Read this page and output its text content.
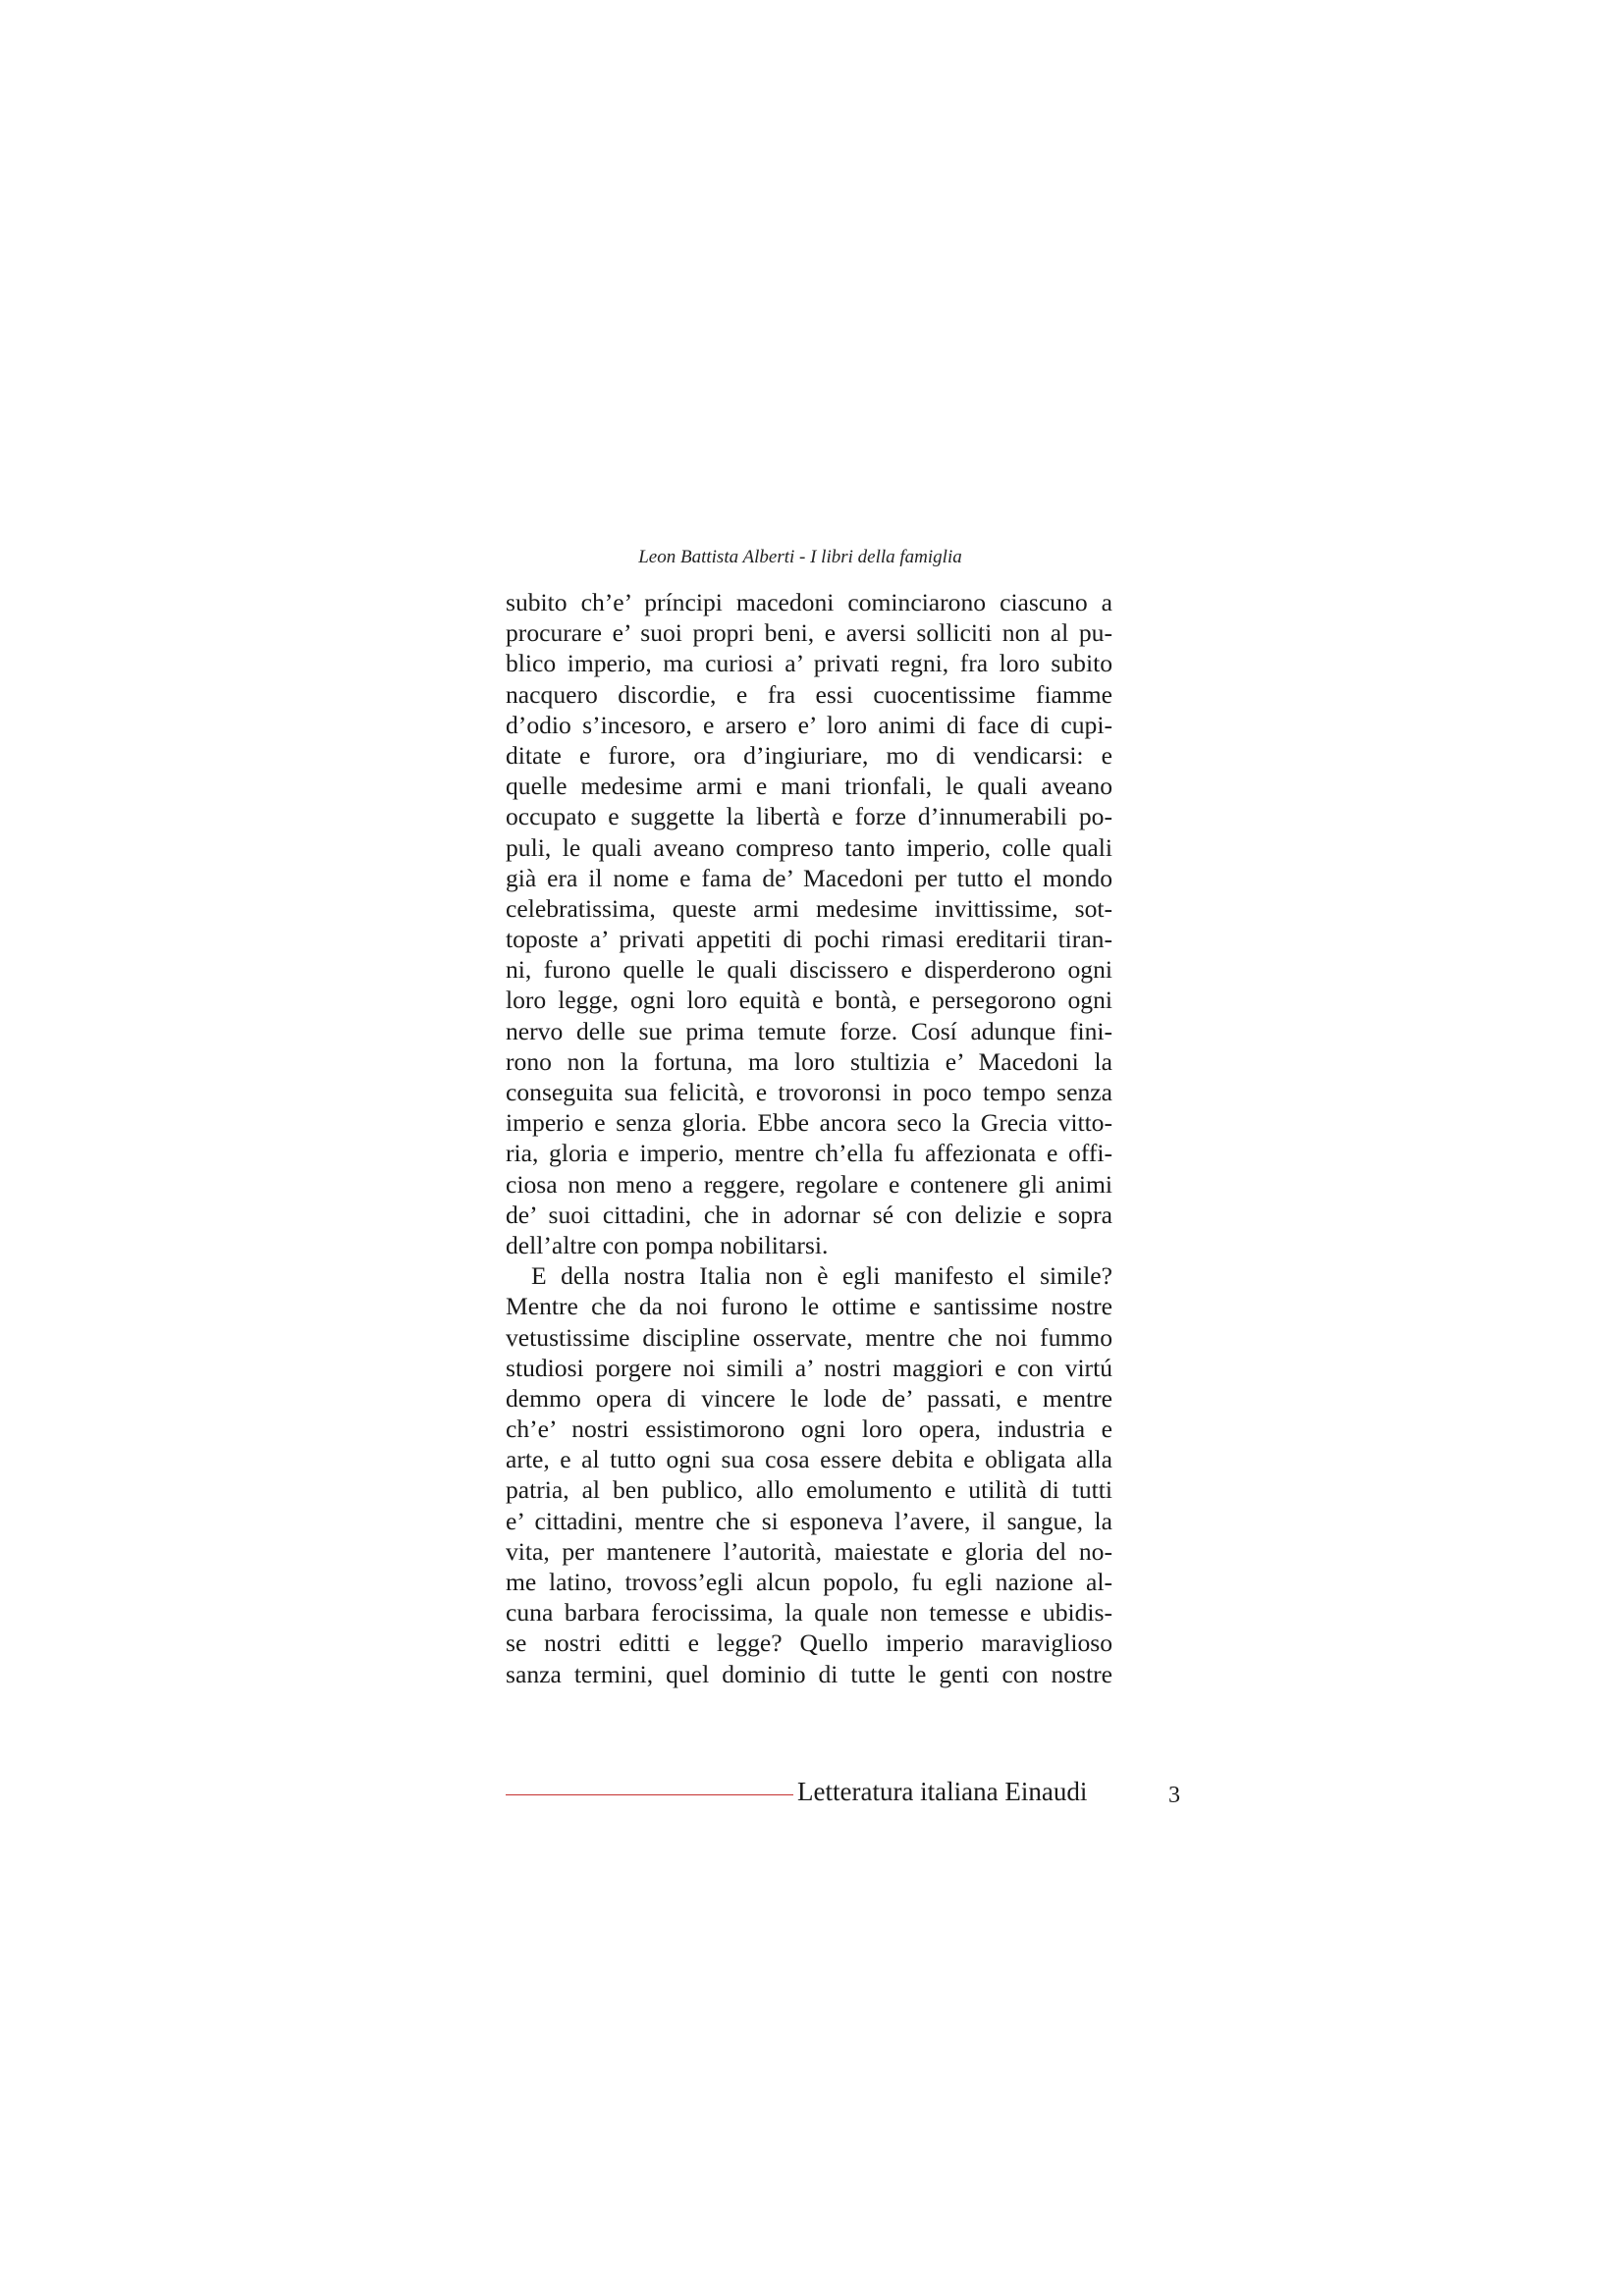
Leon Battista Alberti - I libri della famiglia
subito ch’e’ príncipi macedoni cominciarono ciascuno a
procurare e’ suoi propri beni, e aversi solliciti non al pu-
blico imperio, ma curiosi a’ privati regni, fra loro subito
nacquero discordie, e fra essi cuocentissime fiamme
d’odio s’incesoro, e arsero e’ loro animi di face di cupi-
ditate e furore, ora d’ingiuriare, mo di vendicarsi: e
quelle medesime armi e mani trionfali, le quali aveano
occupato e suggette la libertà e forze d’innumerabili po-
puli, le quali aveano compreso tanto imperio, colle quali
già era il nome e fama de’ Macedoni per tutto el mondo
celebratissima, queste armi medesime invittissime, sot-
toposte a’ privati appetiti di pochi rimasi ereditarii tiran-
ni, furono quelle le quali discissero e disperderono ogni
loro legge, ogni loro equità e bontà, e persegorono ogni
nervo delle sue prima temute forze. Cosí adunque fini-
rono non la fortuna, ma loro stultizia e’ Macedoni la
conseguita sua felicità, e trovoronsi in poco tempo senza
imperio e senza gloria. Ebbe ancora seco la Grecia vitto-
ria, gloria e imperio, mentre ch’ella fu affezionata e offi-
ciosa non meno a reggere, regolare e contenere gli animi
de’ suoi cittadini, che in adornar sé con delizie e sopra
dell’altre con pompa nobilitarsi.
E della nostra Italia non è egli manifesto el simile?
Mentre che da noi furono le ottime e santissime nostre
vetustissime discipline osservate, mentre che noi fummo
studiosi porgere noi simili a’ nostri maggiori e con virtú
demmo opera di vincere le lode de’ passati, e mentre
ch’e’ nostri essistimorono ogni loro opera, industria e
arte, e al tutto ogni sua cosa essere debita e obligata alla
patria, al ben publico, allo emolumento e utilità di tutti
e’ cittadini, mentre che si esponeva l’avere, il sangue, la
vita, per mantenere l’autorità, maiestate e gloria del no-
me latino, trovoss’egli alcun popolo, fu egli nazione al-
cuna barbara ferocissima, la quale non temesse e ubidis-
se nostri editti e legge? Quello imperio maraviglioso
sanza termini, quel dominio di tutte le genti con nostre
Letteratura italiana Einaudi	3
